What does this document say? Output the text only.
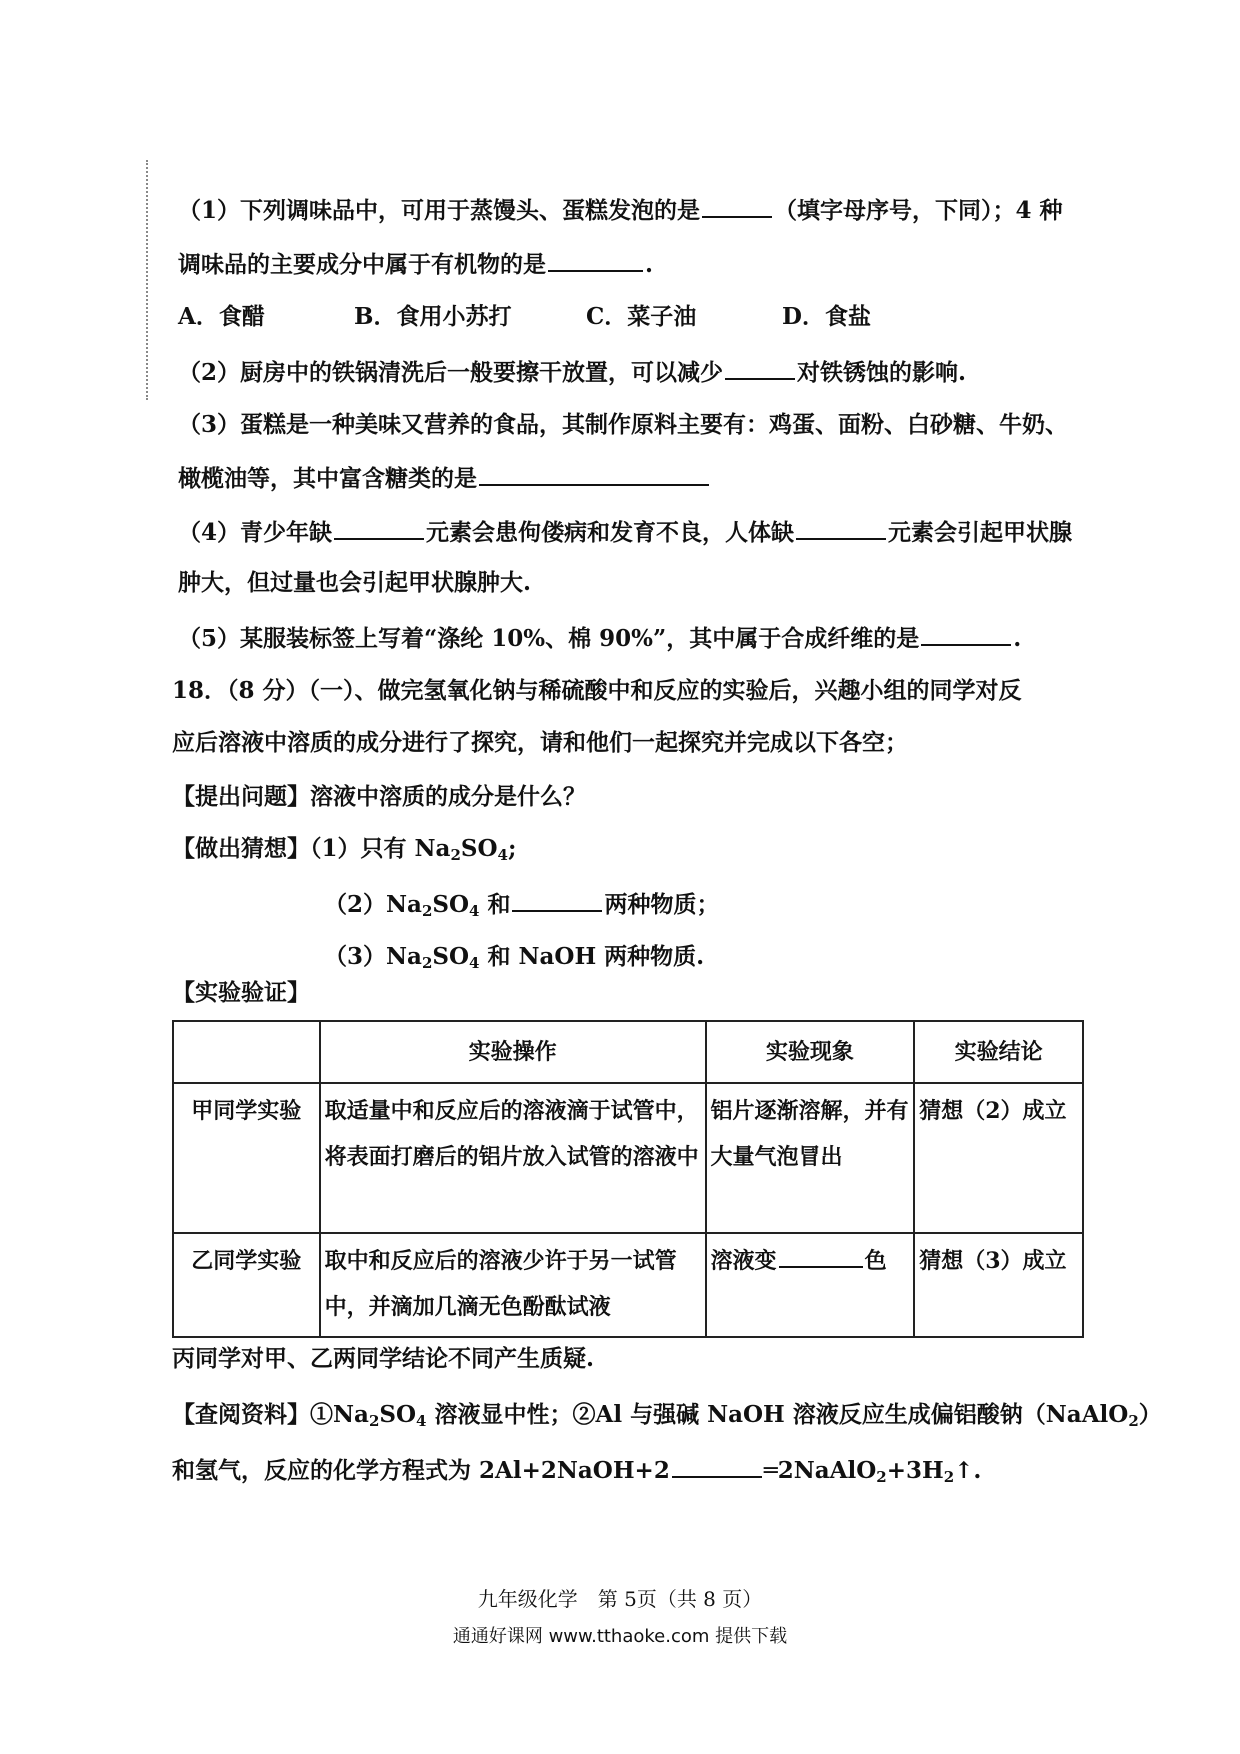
（1）下列调味品中，可用于蒸馒头、蛋糕发泡的是	（填字母序号，下同）；4 种
调味品的主要成分中属于有机物的是	.
A．食醋	B．食用小苏打	C．菜子油	D．食盐
（2）厨房中的铁锅清洗后一般要擦干放置，可以减少	对铁锈蚀的影响.
（3）蛋糕是一种美味又营养的食品，其制作原料主要有：鸡蛋、面粉、白砂糖、牛奶、
橄榄油等，其中富含糖类的是
（4）青少年缺	元素会患佝偻病和发育不良，人体缺	元素会引起甲状腺
肿大，但过量也会引起甲状腺肿大.
（5）某服装标签上写着“涤纶 10%、棉 90%”，其中属于合成纤维的是	.
18．（8 分）（一）、做完氢氧化钠与稀硫酸中和反应的实验后，兴趣小组的同学对反
应后溶液中溶质的成分进行了探究，请和他们一起探究并完成以下各空；
【提出问题】溶液中溶质的成分是什么？
【做出猜想】（1）只有 $Na_2SO_4$;
$(2)Na_2SO_4$ 和	两种物质；
$(3)Na_2SO_4$ 和 NaOH 两种物质.
【实验验证】
	实验操作	实验现象	实验结论
甲同学实验	取适量中和反应后的溶液滴于试管中，将表面打磨后的铝片放入试管的溶液中	铝片逐渐溶解，并有大量气泡冒出	猜想（2）成立
乙同学实验	取中和反应后的溶液少许于另一试管中，并滴加几滴无色酚酞试液	溶液变 色	猜想（3）成立
丙同学对甲、乙两同学结论不同产生质疑.
【查阅资料】$①Na_2SO_4$ 溶液显中性；②Al 与强碱 NaOH 溶液反应生成偏铝酸钠（NaAlO$_2$）
和氢气，反应的化学方程式为 2Al+2NaOH+2	$═2NaAlO_2+3H_2↑$.
九年级化学　第 5页（共 8 页）
通通好课网 www.tthaoke.com 提供下载
